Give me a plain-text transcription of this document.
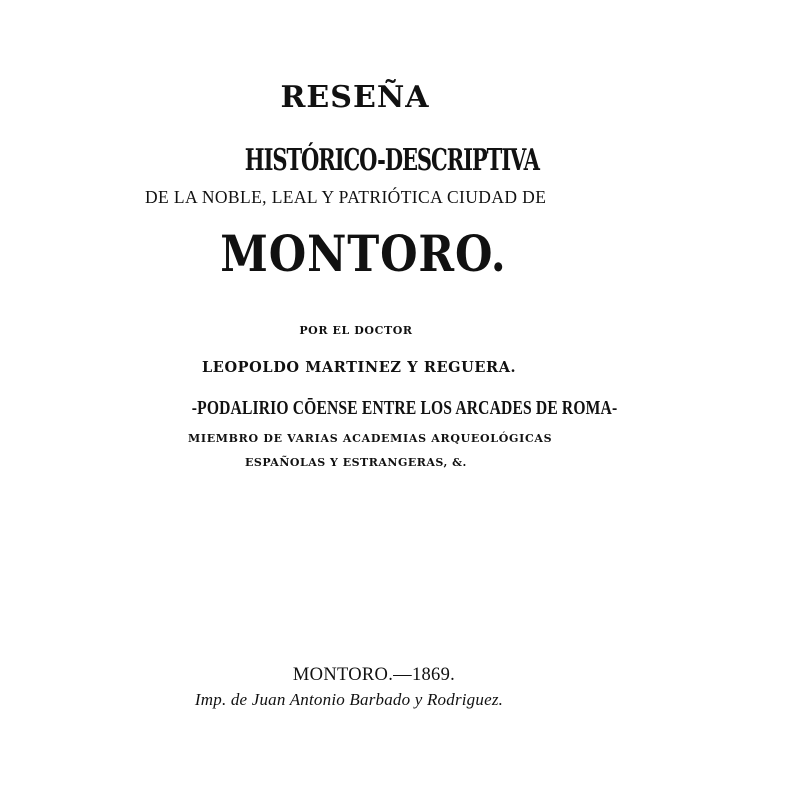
RESEÑA
HISTÓRICO-DESCRIPTIVA
DE LA NOBLE, LEAL Y PATRIÓTICA CIUDAD DE
MONTORO.
POR EL DOCTOR
LEOPOLDO MARTINEZ Y REGUERA.
-PODALIRIO CŌENSE ENTRE LOS ARCADES DE ROMA-
MIEMBRO DE VARIAS ACADEMIAS ARQUEOLÓGICAS
ESPAÑOLAS Y ESTRANGERAS, &.
MONTORO.—1869.
Imp. de Juan Antonio Barbado y Rodriguez.
